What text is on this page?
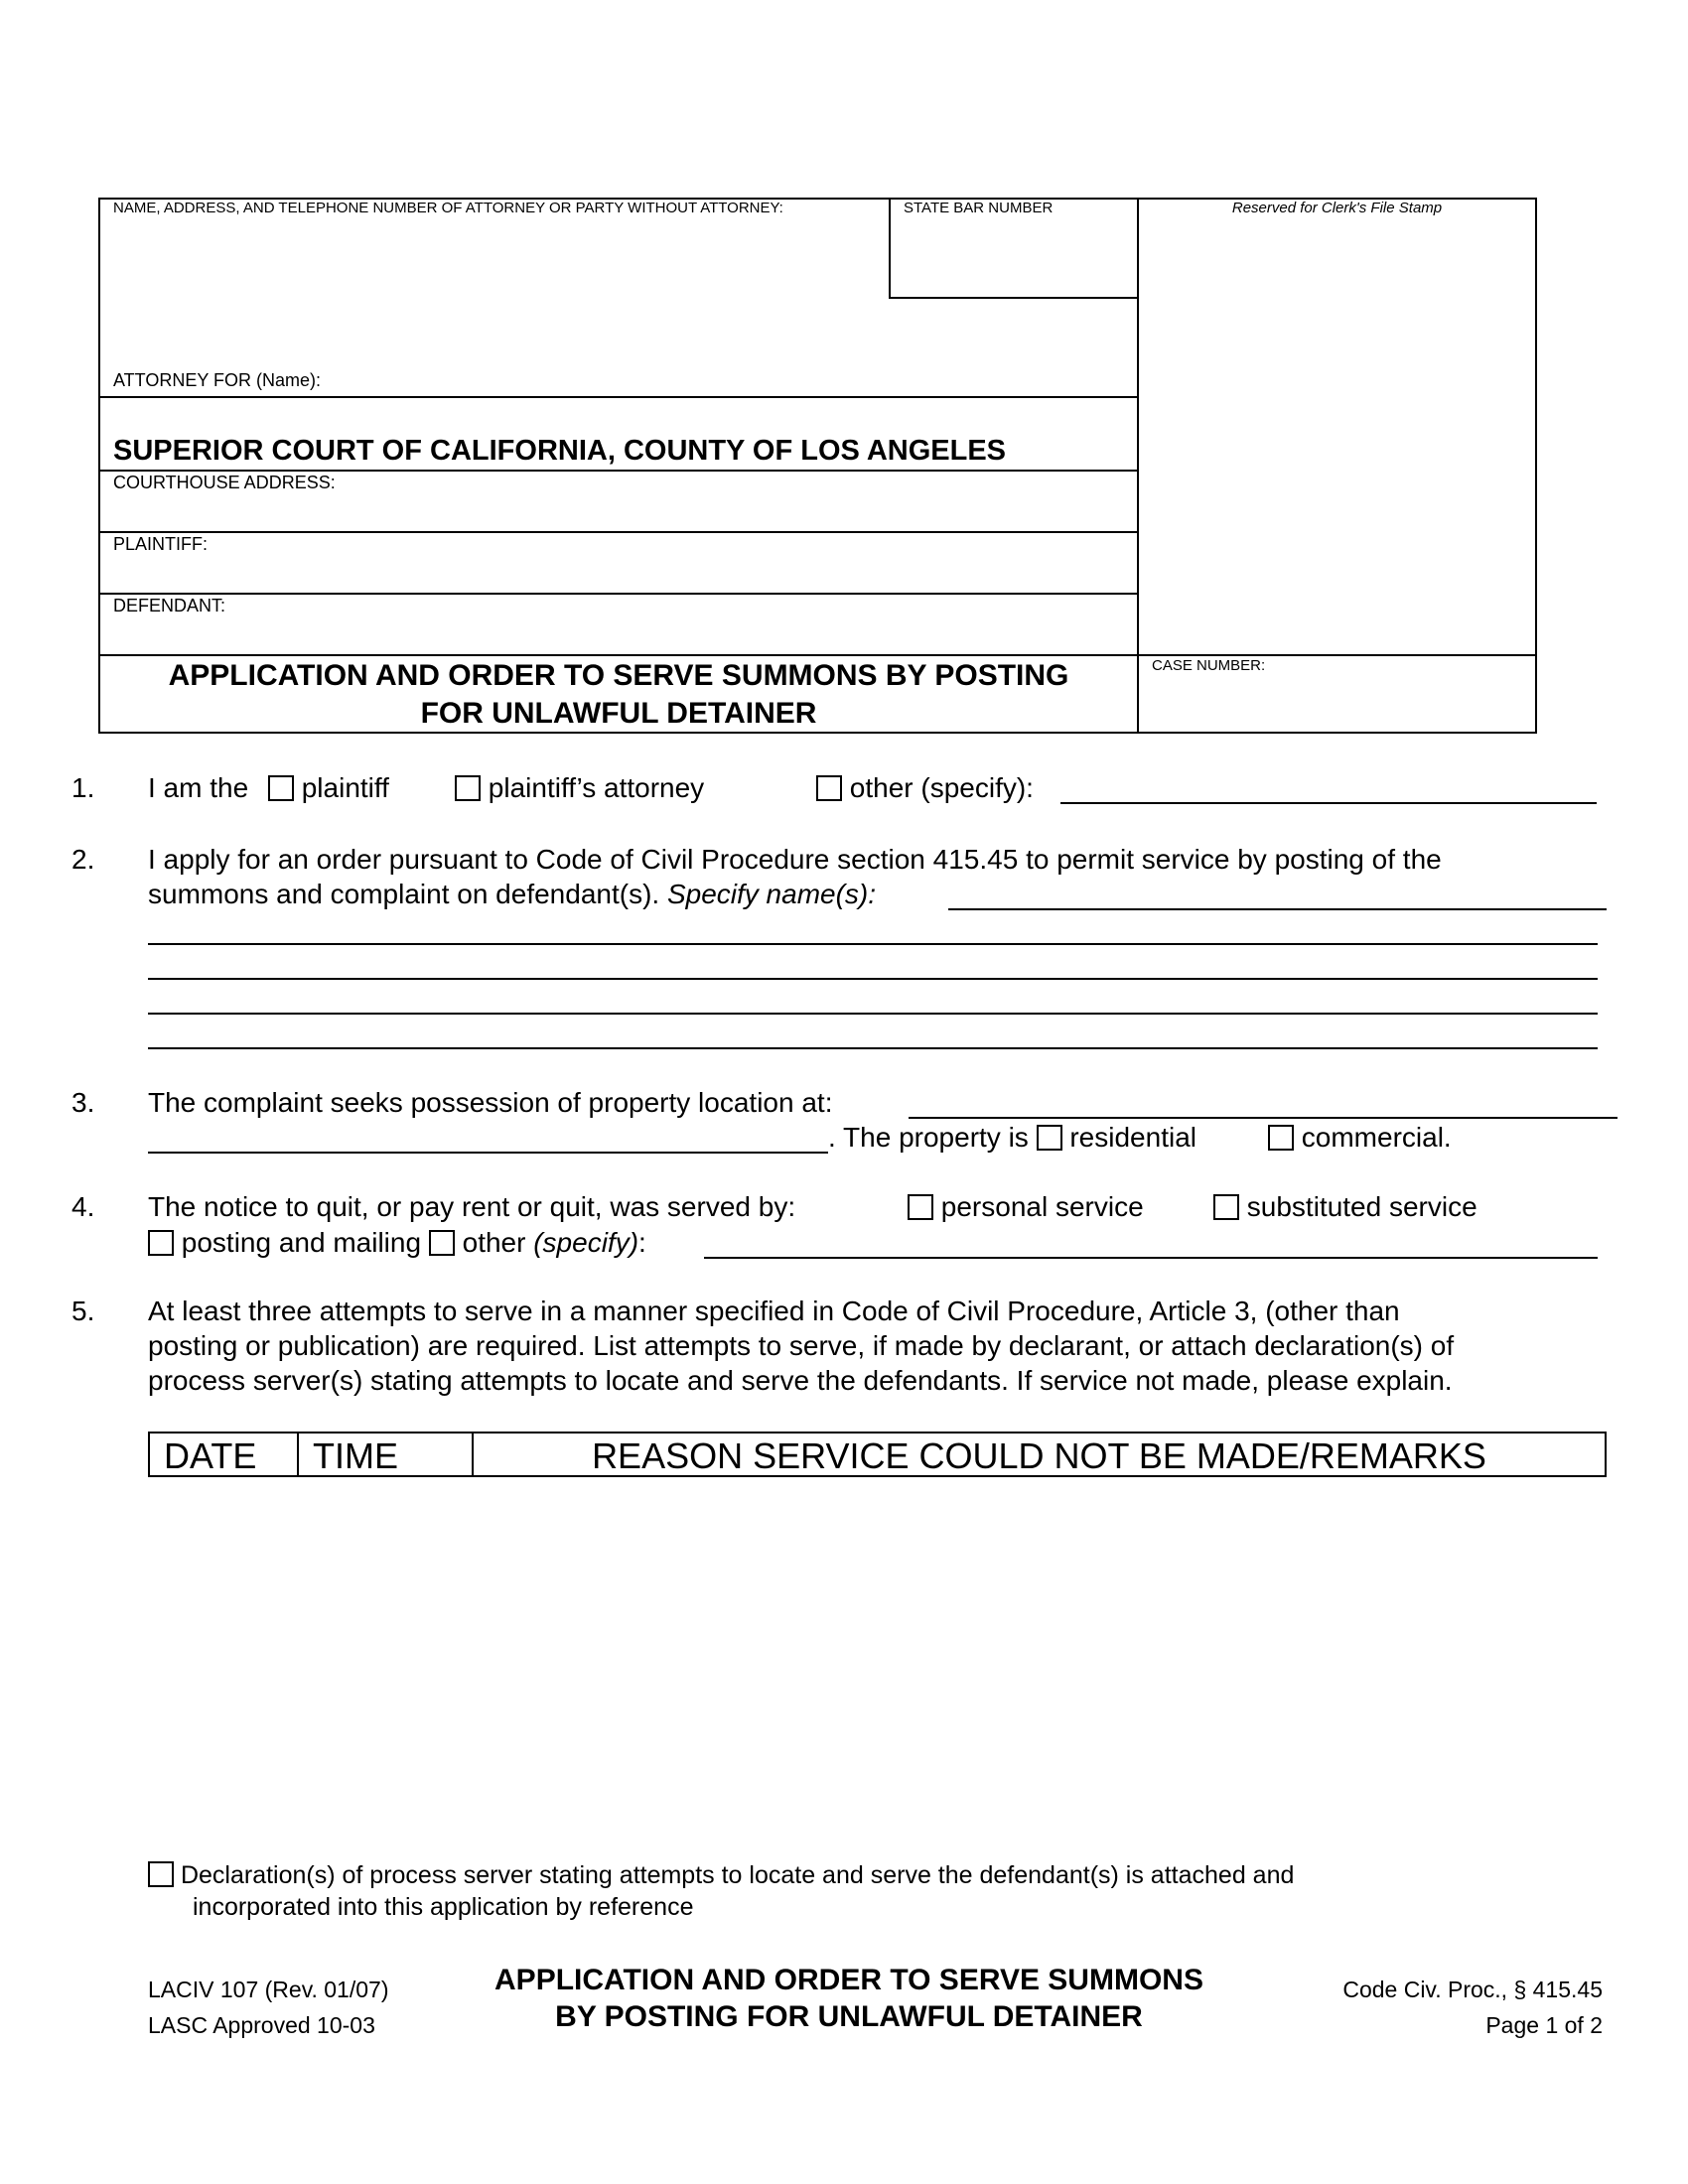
NAME, ADDRESS, AND TELEPHONE NUMBER OF ATTORNEY OR PARTY WITHOUT ATTORNEY:	STATE BAR NUMBER	Reserved for Clerk's File Stamp
ATTORNEY FOR (Name):
SUPERIOR COURT OF CALIFORNIA, COUNTY OF LOS ANGELES
COURTHOUSE ADDRESS:
PLAINTIFF:
DEFENDANT:
APPLICATION AND ORDER TO SERVE SUMMONS BY POSTING
FOR UNLAWFUL DETAINER
CASE NUMBER:
1. I am the plaintiff	plaintiff’s attorney	other (specify):
2. I apply for an order pursuant to Code of Civil Procedure section 415.45 to permit service by posting of the
summons and complaint on defendant(s). Specify name(s):
3. The complaint seeks possession of property location at:
. The property is residential	commercial.
4. The notice to quit, or pay rent or quit, was served by:	personal service	substituted service
posting and mailing other (specify):
5. At least three attempts to serve in a manner specified in Code of Civil Procedure, Article 3, (other than
posting or publication) are required. List attempts to serve, if made by declarant, or attach declaration(s) of
process server(s) stating attempts to locate and serve the defendants. If service not made, please explain.
DATE TIME	REASON SERVICE COULD NOT BE MADE/REMARKS
Declaration(s) of process server stating attempts to locate and serve the defendant(s) is attached and
incorporated into this application by reference
LACIV 107 (Rev. 01/07)
LASC Approved 10-03
APPLICATION AND ORDER TO SERVE SUMMONS
BY POSTING FOR UNLAWFUL DETAINER
Code Civ. Proc., § 415.45
Page 1 of 2
